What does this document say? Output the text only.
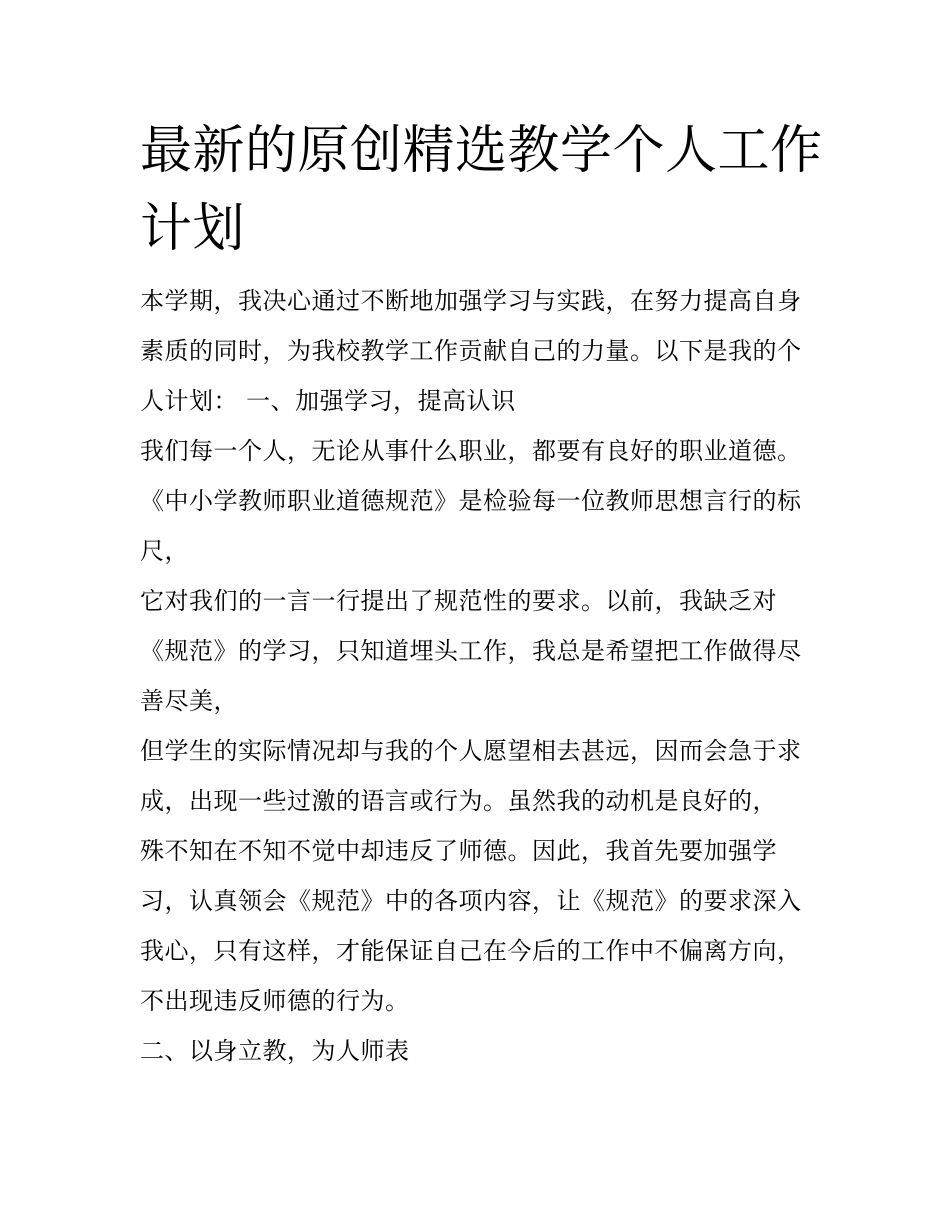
最新的原创精选教学个人工作
计划
本学期，我决心通过不断地加强学习与实践，在努力提高自身
素质的同时，为我校教学工作贡献自己的力量。以下是我的个
人计划： 一、加强学习，提高认识
我们每一个人，无论从事什么职业，都要有良好的职业道德。
《中小学教师职业道德规范》是检验每一位教师思想言行的标
尺，
它对我们的一言一行提出了规范性的要求。以前，我缺乏对
《规范》的学习，只知道埋头工作，我总是希望把工作做得尽
善尽美，
但学生的实际情况却与我的个人愿望相去甚远，因而会急于求
成，出现一些过激的语言或行为。虽然我的动机是良好的，
殊不知在不知不觉中却违反了师德。因此，我首先要加强学
习，认真领会《规范》中的各项内容，让《规范》的要求深入
我心，只有这样，才能保证自己在今后的工作中不偏离方向，
不出现违反师德的行为。
二、以身立教，为人师表
